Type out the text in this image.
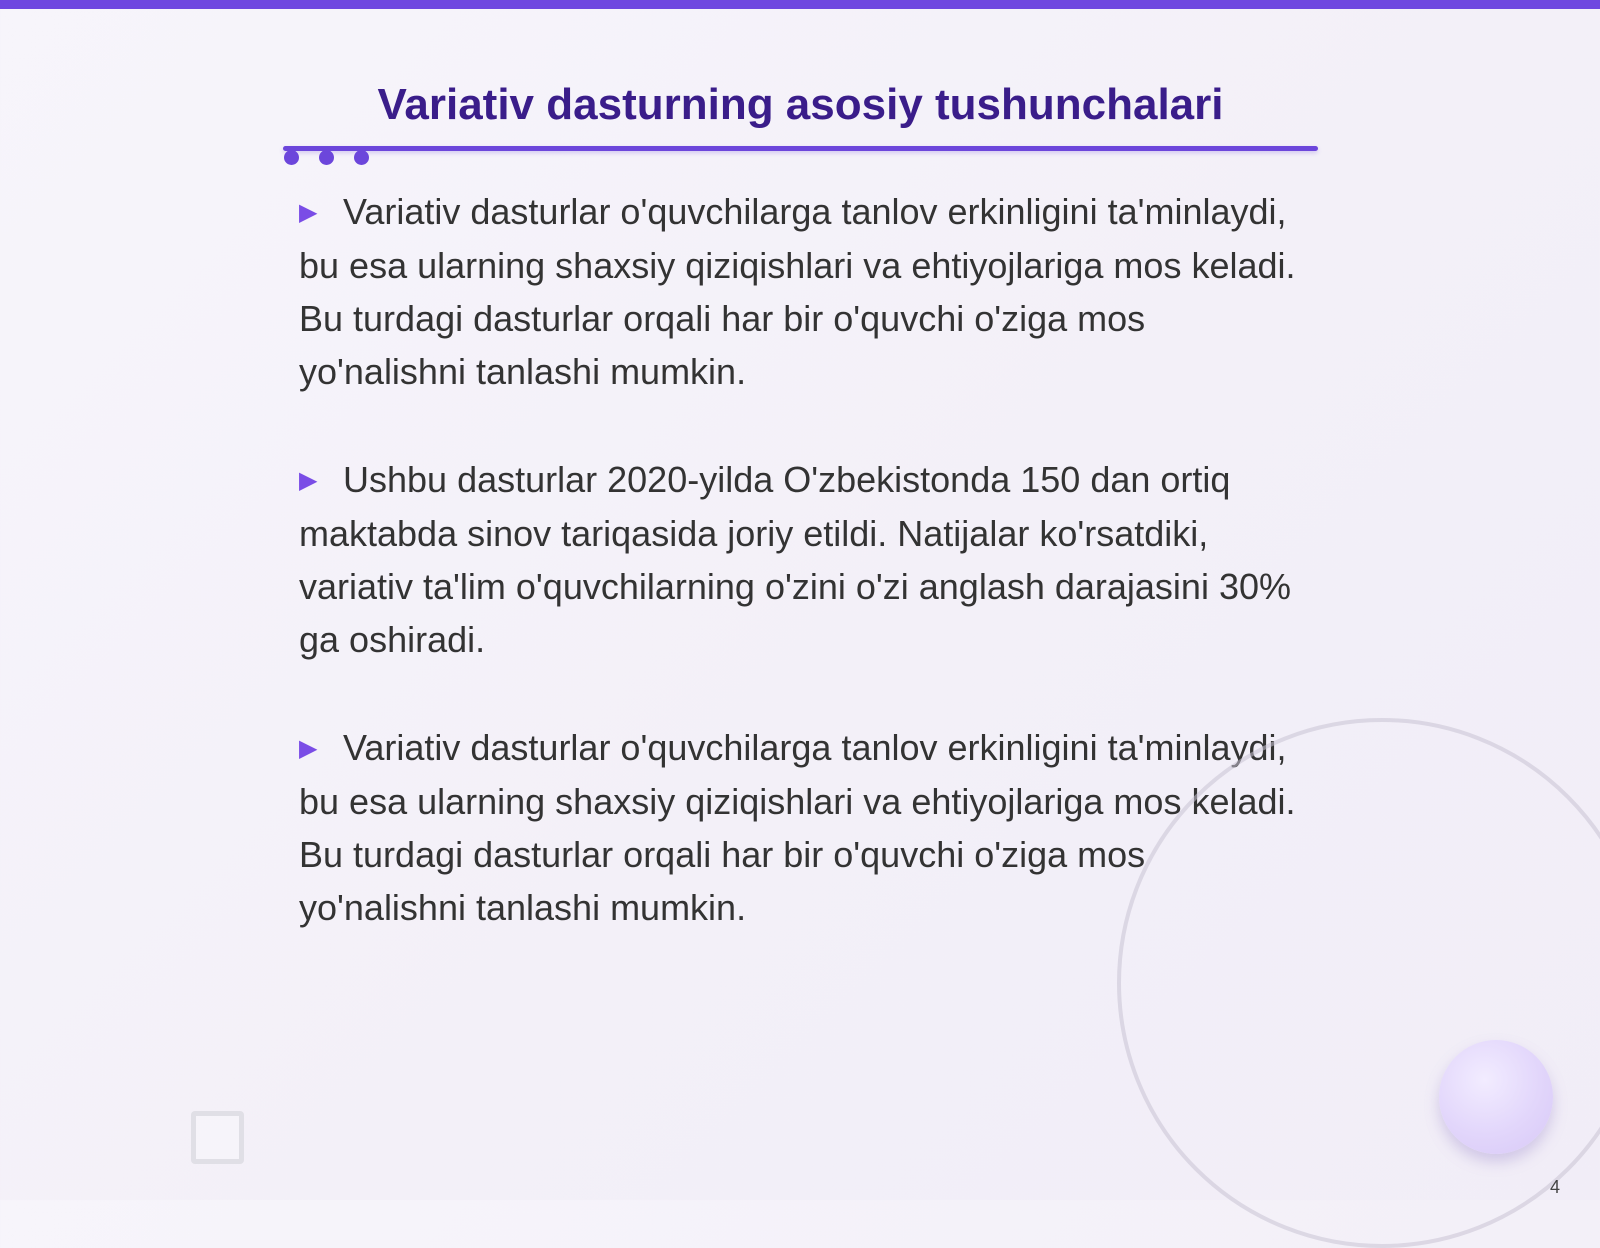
Variativ dasturning asosiy tushunchalari

▶ Variativ dasturlar o'quvchilarga tanlov erkinligini ta'minlaydi, bu esa ularning shaxsiy qiziqishlari va ehtiyojlariga mos keladi. Bu turdagi dasturlar orqali har bir o'quvchi o'ziga mos yo'nalishni tanlashi mumkin.

▶ Ushbu dasturlar 2020-yilda O'zbekistonda 150 dan ortiq maktabda sinov tariqasida joriy etildi. Natijalar ko'rsatdiki, variativ ta'lim o'quvchilarning o'zini o'zi anglash darajasini 30% ga oshiradi.

▶ Variativ dasturlar o'quvchilarga tanlov erkinligini ta'minlaydi, bu esa ularning shaxsiy qiziqishlari va ehtiyojlariga mos keladi. Bu turdagi dasturlar orqali har bir o'quvchi o'ziga mos yo'nalishni tanlashi mumkin.

4
